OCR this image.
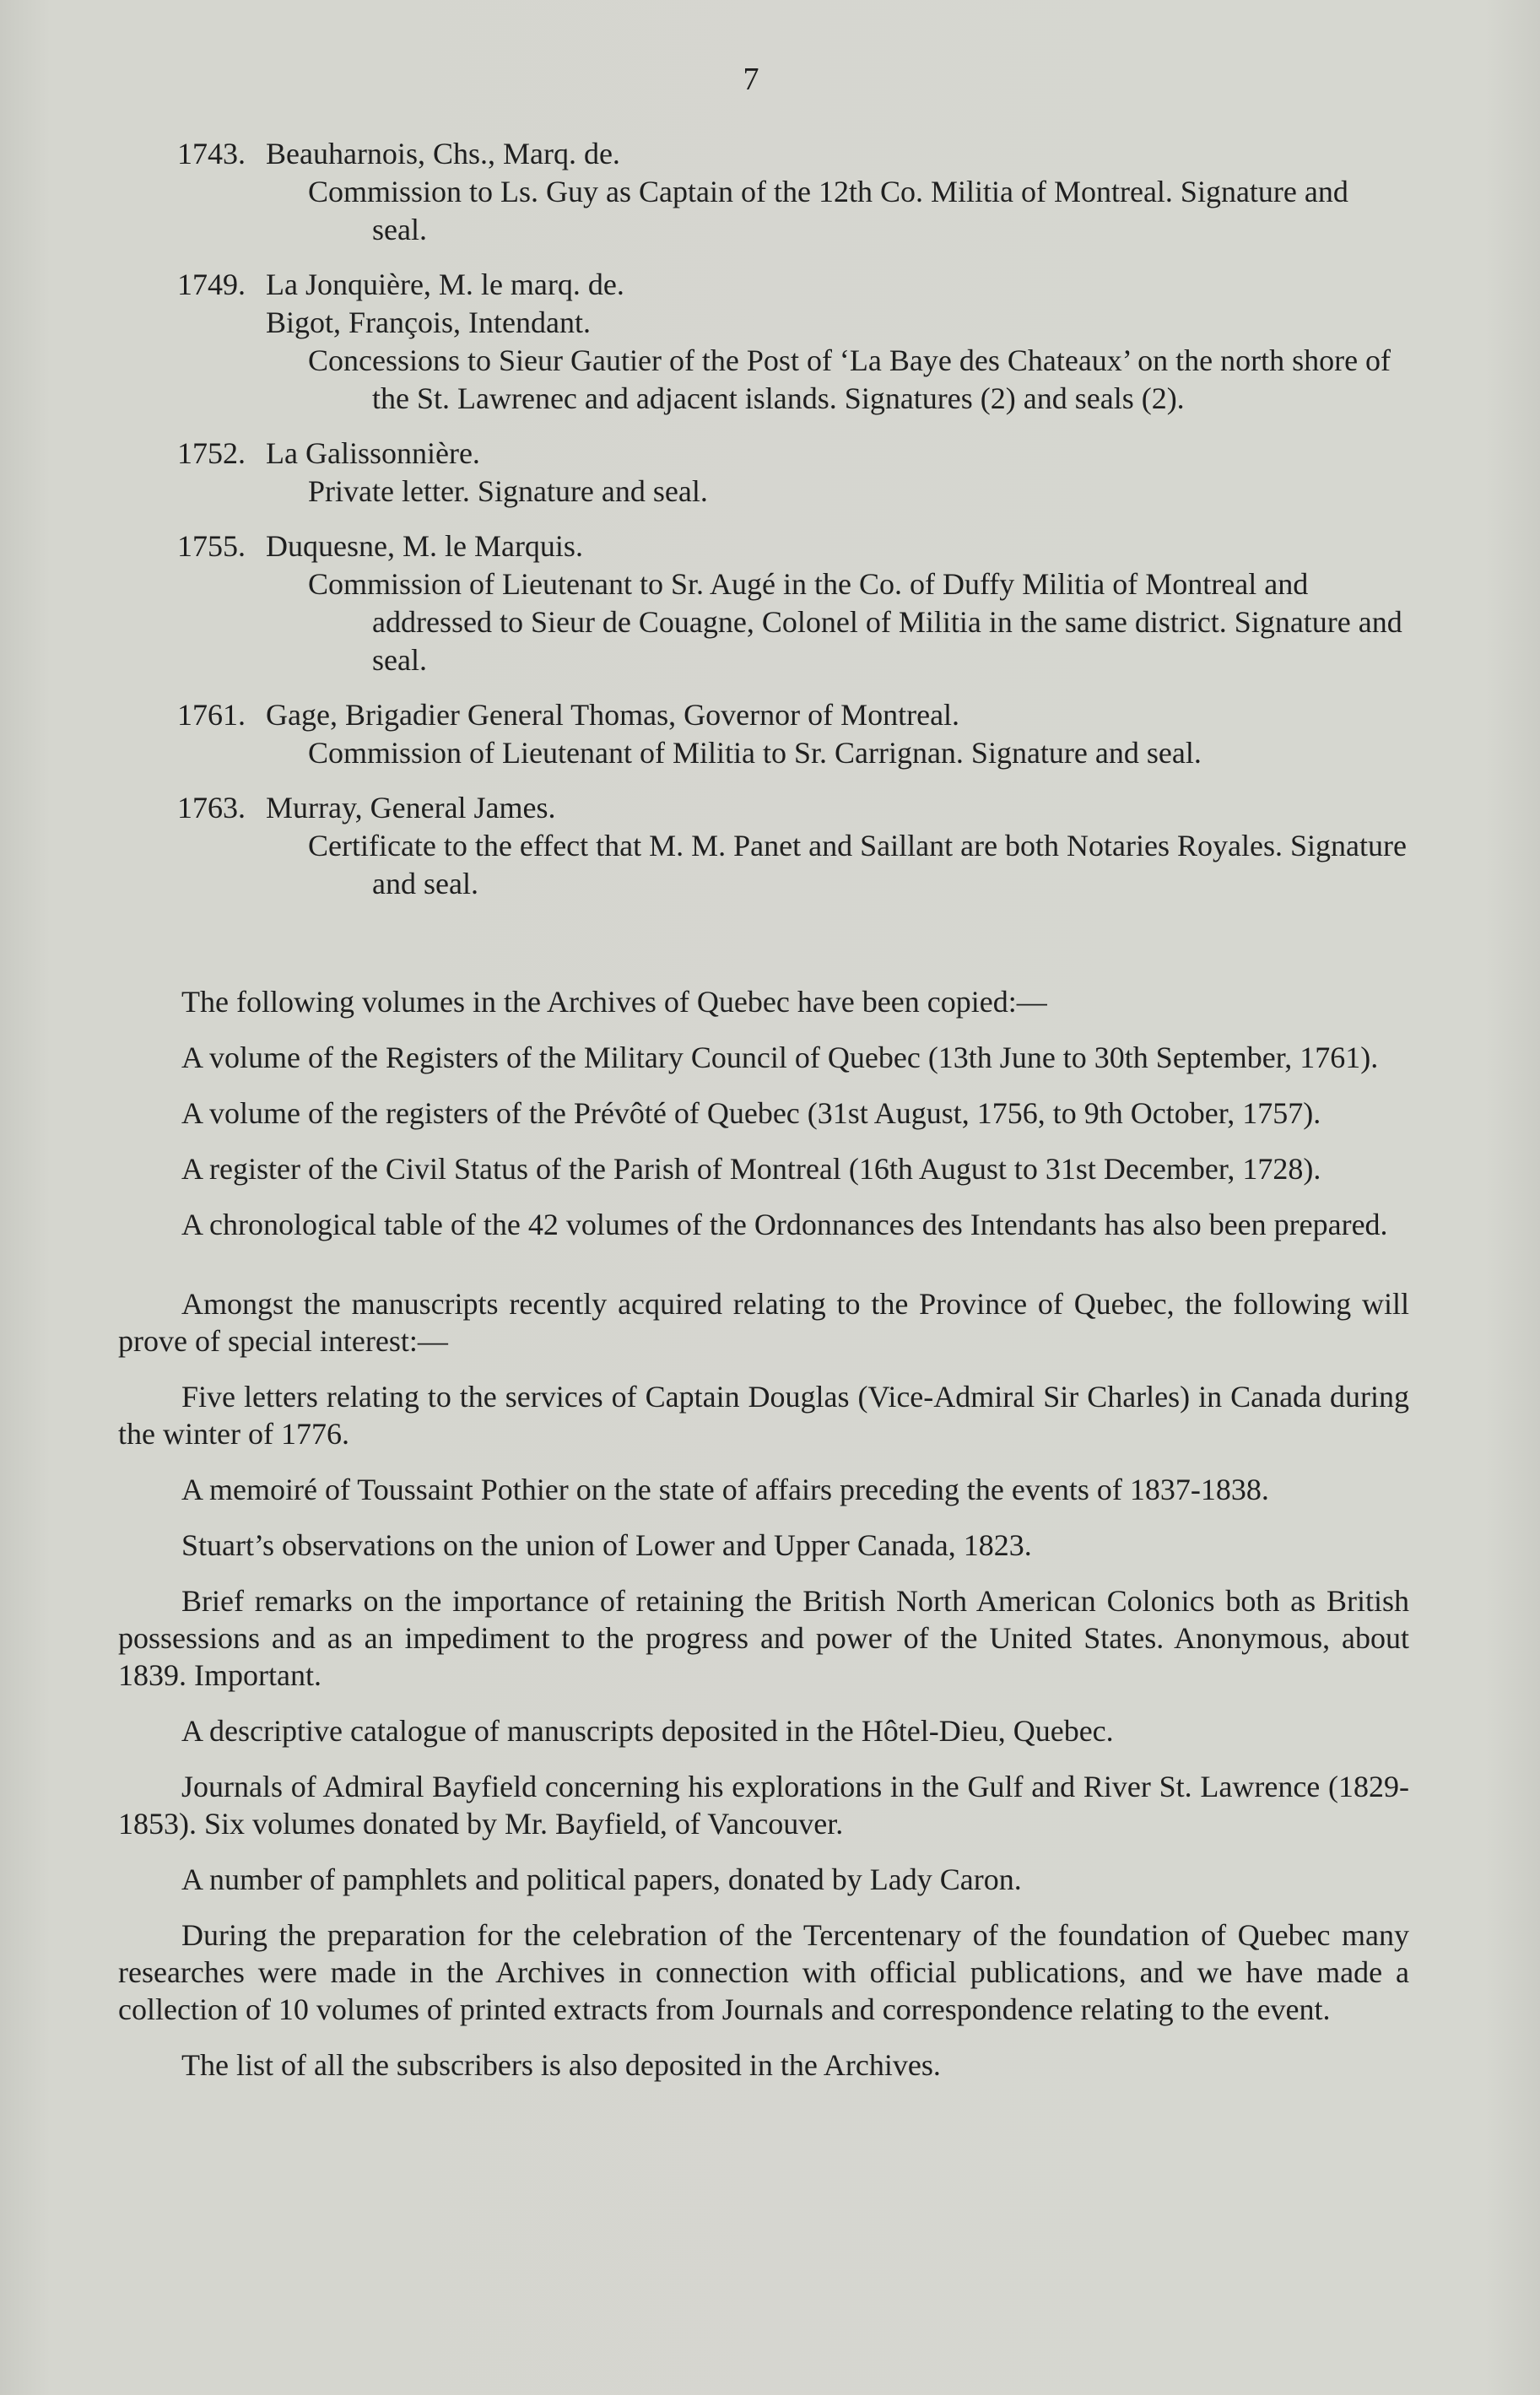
7
1743. Beauharnois, Chs., Marq. de.
Commission to Ls. Guy as Captain of the 12th Co. Militia of Montreal. Signature and seal.
1749. La Jonquière, M. le marq. de.
Bigot, François, Intendant.
Concessions to Sieur Gautier of the Post of ‘La Baye des Chateaux’ on the north shore of the St. Lawrenec and adjacent islands. Signatures (2) and seals (2).
1752. La Galissonnière.
Private letter. Signature and seal.
1755. Duquesne, M. le Marquis.
Commission of Lieutenant to Sr. Augé in the Co. of Duffy Militia of Montreal and addressed to Sieur de Couagne, Colonel of Militia in the same district. Signature and seal.
1761. Gage, Brigadier General Thomas, Governor of Montreal.
Commission of Lieutenant of Militia to Sr. Carrignan. Signature and seal.
1763. Murray, General James.
Certificate to the effect that M. M. Panet and Saillant are both Notaries Royales. Signature and seal.

The following volumes in the Archives of Quebec have been copied:—

A volume of the Registers of the Military Council of Quebec (13th June to 30th September, 1761).

A volume of the registers of the Prévôté of Quebec (31st August, 1756, to 9th October, 1757).

A register of the Civil Status of the Parish of Montreal (16th August to 31st December, 1728).

A chronological table of the 42 volumes of the Ordonnances des Intendants has also been prepared.

Amongst the manuscripts recently acquired relating to the Province of Quebec, the following will prove of special interest:—

Five letters relating to the services of Captain Douglas (Vice-Admiral Sir Charles) in Canada during the winter of 1776.

A memoiré of Toussaint Pothier on the state of affairs preceding the events of 1837-1838.

Stuart’s observations on the union of Lower and Upper Canada, 1823.

Brief remarks on the importance of retaining the British North American Colonics both as British possessions and as an impediment to the progress and power of the United States. Anonymous, about 1839. Important.

A descriptive catalogue of manuscripts deposited in the Hôtel-Dieu, Quebec.

Journals of Admiral Bayfield concerning his explorations in the Gulf and River St. Lawrence (1829-1853). Six volumes donated by Mr. Bayfield, of Vancouver.

A number of pamphlets and political papers, donated by Lady Caron.

During the preparation for the celebration of the Tercentenary of the foundation of Quebec many researches were made in the Archives in connection with official publications, and we have made a collection of 10 volumes of printed extracts from Journals and correspondence relating to the event.

The list of all the subscribers is also deposited in the Archives.
